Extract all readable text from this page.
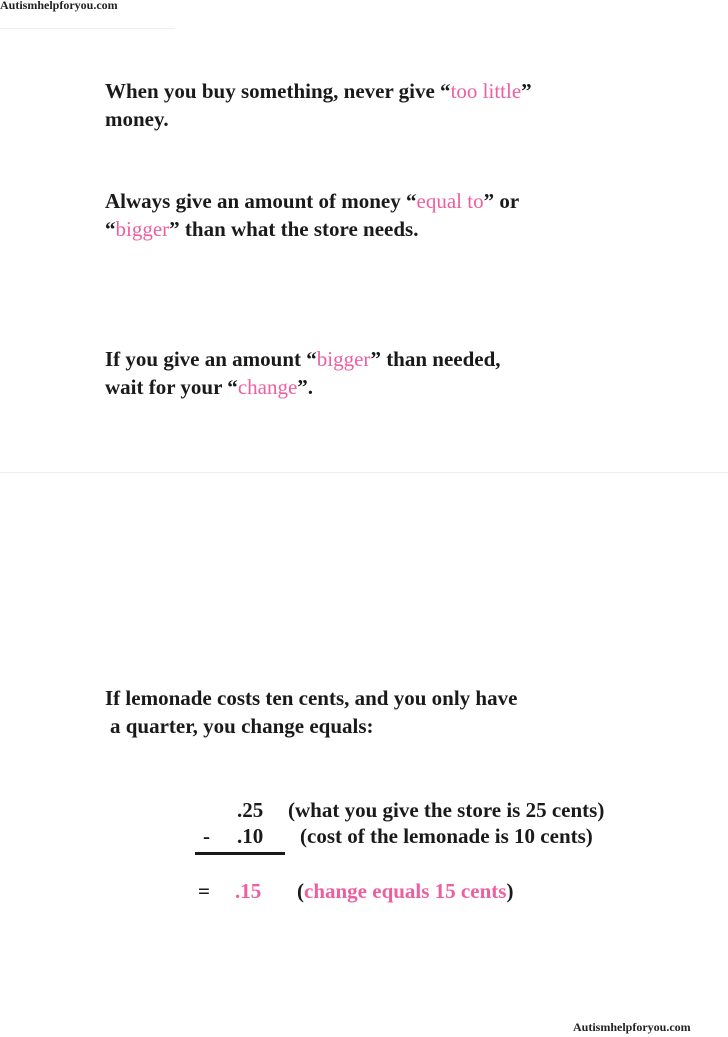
Autismhelpforyou.com

When you buy something, never give “too little”
money.

Always give an amount of money “equal to” or
“bigger” than what the store needs.

If you give an amount “bigger” than needed,
wait for your “change”.

If lemonade costs ten cents, and you only have
a quarter, you change equals:

.25 (what you give the store is 25 cents)
- .10 (cost of the lemonade is 10 cents)
= .15 (change equals 15 cents)
Autismhelpforyou.com
